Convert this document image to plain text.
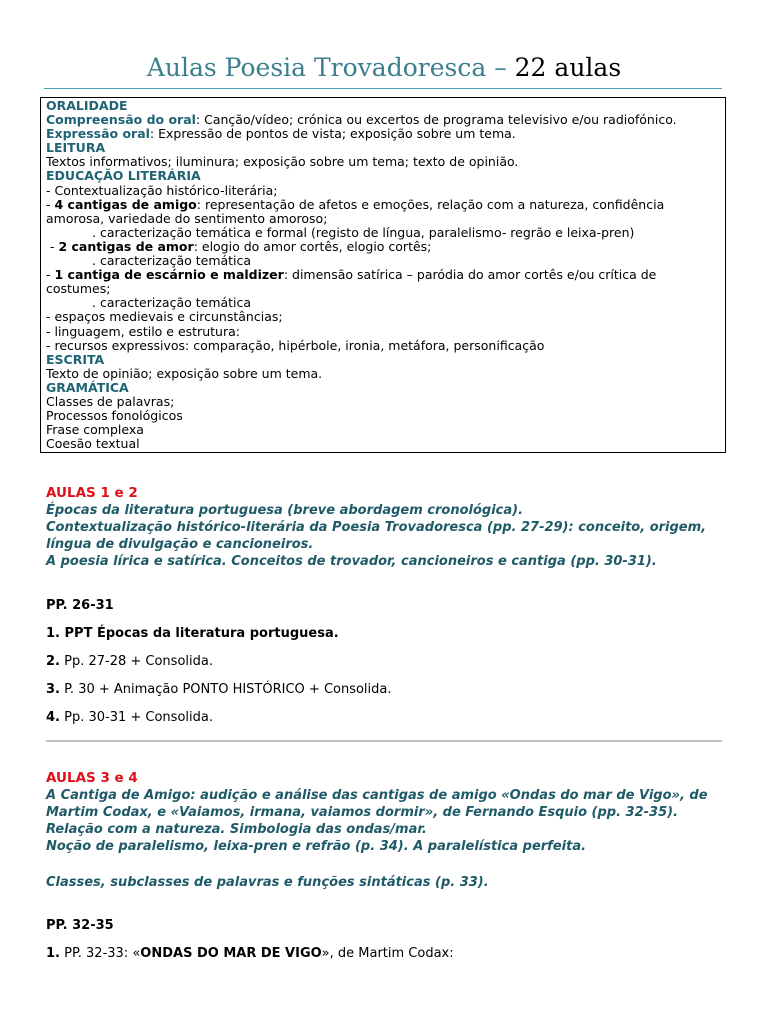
Aulas Poesia Trovadoresca – 22 aulas
ORALIDADE
Compreensão do oral: Canção/vídeo; crónica ou excertos de programa televisivo e/ou radiofónico.
Expressão oral: Expressão de pontos de vista; exposição sobre um tema.
LEITURA
Textos informativos; iluminura; exposição sobre um tema; texto de opinião.
EDUCAÇÃO LITERÁRIA
- Contextualização histórico-literária;
- 4 cantigas de amigo: representação de afetos e emoções, relação com a natureza, confidência amorosa, variedade do sentimento amoroso;
. caracterização temática e formal (registo de língua, paralelismo- regrão e leixa-pren)
- 2 cantigas de amor: elogio do amor cortês, elogio cortês;
. caracterização temática
- 1 cantiga de escárnio e maldizer: dimensão satírica – paródia do amor cortês e/ou crítica de costumes;
. caracterização temática
- espaços medievais e circunstâncias;
- linguagem, estilo e estrutura:
- recursos expressivos: comparação, hipérbole, ironia, metáfora, personificação
ESCRITA
Texto de opinião; exposição sobre um tema.
GRAMÁTICA
Classes de palavras;
Processos fonológicos
Frase complexa
Coesão textual
AULAS 1 e 2
Épocas da literatura portuguesa (breve abordagem cronológica).
Contextualização histórico-literária da Poesia Trovadoresca (pp. 27-29): conceito, origem, língua de divulgação e cancioneiros.
A poesia lírica e satírica. Conceitos de trovador, cancioneiros e cantiga (pp. 30-31).
PP. 26-31
1. PPT Épocas da literatura portuguesa.
2. Pp. 27-28 + Consolida.
3. P. 30 + Animação PONTO HISTÓRICO + Consolida.
4. Pp. 30-31 + Consolida.
AULAS 3 e 4
A Cantiga de Amigo: audição e análise das cantigas de amigo «Ondas do mar de Vigo», de Martim Codax, e «Vaiamos, irmana, vaiamos dormir», de Fernando Esquio (pp. 32-35).
Relação com a natureza. Simbologia das ondas/mar.
Noção de paralelismo, leixa-pren e refrão (p. 34). A paralelística perfeita.
Classes, subclasses de palavras e funções sintáticas (p. 33).
PP. 32-35
1. PP. 32-33: «ONDAS DO MAR DE VIGO», de Martim Codax:
